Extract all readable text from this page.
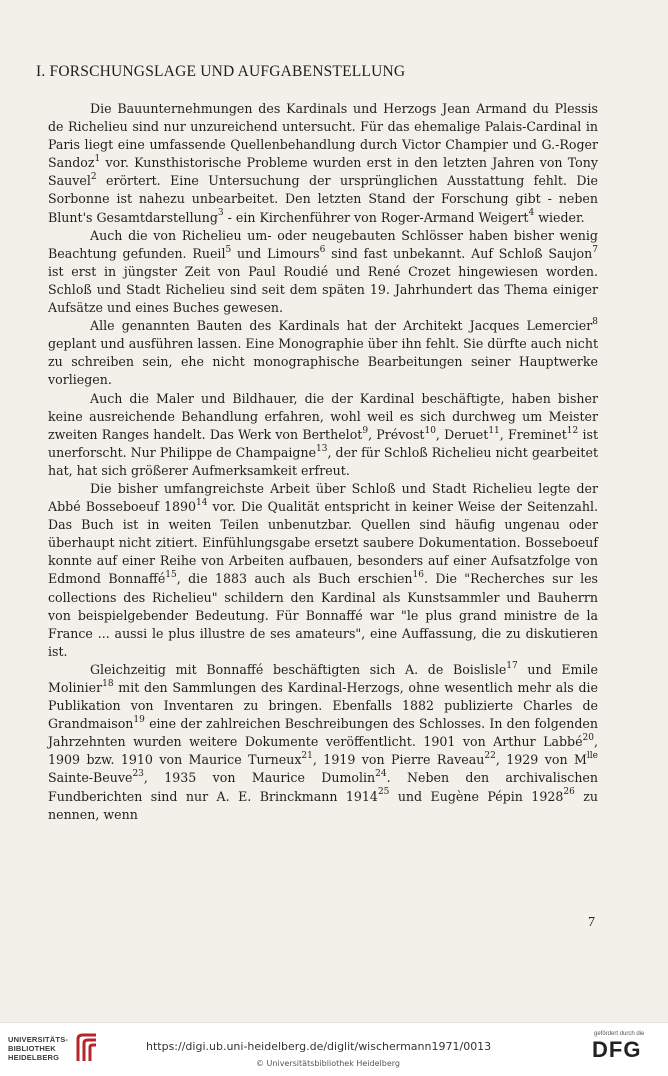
I. FORSCHUNGSLAGE UND AUFGABENSTELLUNG

Die Bauunternehmungen des Kardinals und Herzogs Jean Armand du Plessis de Richelieu sind nur unzureichend untersucht. Für das ehemalige Palais-Cardinal in Paris liegt eine umfassende Quellenbehandlung durch Victor Champier und G.-Roger Sandoz$^1$ vor. Kunsthistorische Probleme wurden erst in den letzten Jahren von Tony Sauvel$^2$ erörtert. Eine Untersuchung der ursprünglichen Ausstattung fehlt. Die Sorbonne ist nahezu unbearbeitet. Den letzten Stand der Forschung gibt - neben Blunt's Gesamtdarstellung$^3$ - ein Kirchenführer von Roger-Armand Weigert$^4$ wieder.

Auch die von Richelieu um- oder neugebauten Schlösser haben bisher wenig Beachtung gefunden. Rueil$^5$ und Limours$^6$ sind fast unbekannt. Auf Schloß Saujon$^7$ ist erst in jüngster Zeit von Paul Roudié und René Crozet hingewiesen worden. Schloß und Stadt Richelieu sind seit dem späten 19. Jahrhundert das Thema einiger Aufsätze und eines Buches gewesen.

Alle genannten Bauten des Kardinals hat der Architekt Jacques Lemercier$^8$ geplant und ausführen lassen. Eine Monographie über ihn fehlt. Sie dürfte auch nicht zu schreiben sein, ehe nicht monographische Bearbeitungen seiner Hauptwerke vorliegen.

Auch die Maler und Bildhauer, die der Kardinal beschäftigte, haben bisher keine ausreichende Behandlung erfahren, wohl weil es sich durchweg um Meister zweiten Ranges handelt. Das Werk von Berthelot$^9$, Prévost$^{10}$, Deruet$^{11}$, Freminet$^{12}$ ist unerforscht. Nur Philippe de Champaigne$^{13}$, der für Schloß Richelieu nicht gearbeitet hat, hat sich größerer Aufmerksamkeit erfreut.

Die bisher umfangreichste Arbeit über Schloß und Stadt Richelieu legte der Abbé Bosseboeuf 1890$^{14}$ vor. Die Qualität entspricht in keiner Weise der Seitenzahl. Das Buch ist in weiten Teilen unbenutzbar. Quellen sind häufig ungenau oder überhaupt nicht zitiert. Einfühlungsgabe ersetzt saubere Dokumentation. Bosseboeuf konnte auf einer Reihe von Arbeiten aufbauen, besonders auf einer Aufsatzfolge von Edmond Bonnaffé$^{15}$, die 1883 auch als Buch erschien$^{16}$. Die "Recherches sur les collections des Richelieu" schildern den Kardinal als Kunstsammler und Bauherrn von beispielgebender Bedeutung. Für Bonnaffé war "le plus grand ministre de la France ... aussi le plus illustre de ses amateurs", eine Auffassung, die zu diskutieren ist.

Gleichzeitig mit Bonnaffé beschäftigten sich A. de Boislisle$^{17}$ und Emile Molinier$^{18}$ mit den Sammlungen des Kardinal-Herzogs, ohne wesentlich mehr als die Publikation von Inventaren zu bringen. Ebenfalls 1882 publizierte Charles de Grandmaison$^{19}$ eine der zahlreichen Beschreibungen des Schlosses. In den folgenden Jahrzehnten wurden weitere Dokumente veröffentlicht. 1901 von Arthur Labbé$^{20}$, 1909 bzw. 1910 von Maurice Turneux$^{21}$, 1919 von Pierre Raveau$^{22}$, 1929 von $M^{lle}$ Sainte-Beuve$^{23}$, 1935 von Maurice Dumolin$^{24}$. Neben den archivalischen Fundberichten sind nur A. E. Brinckmann 1914$^{25}$ und Eugène Pépin 1928$^{26}$ zu nennen, wenn

7
UNIVERSITÄTS-
BIBLIOTHEK
HEIDELBERG
https://digi.ub.uni-heidelberg.de/diglit/wischermann1971/0013
© Universitätsbibliothek Heidelberg
gefördert durch die
DFG
